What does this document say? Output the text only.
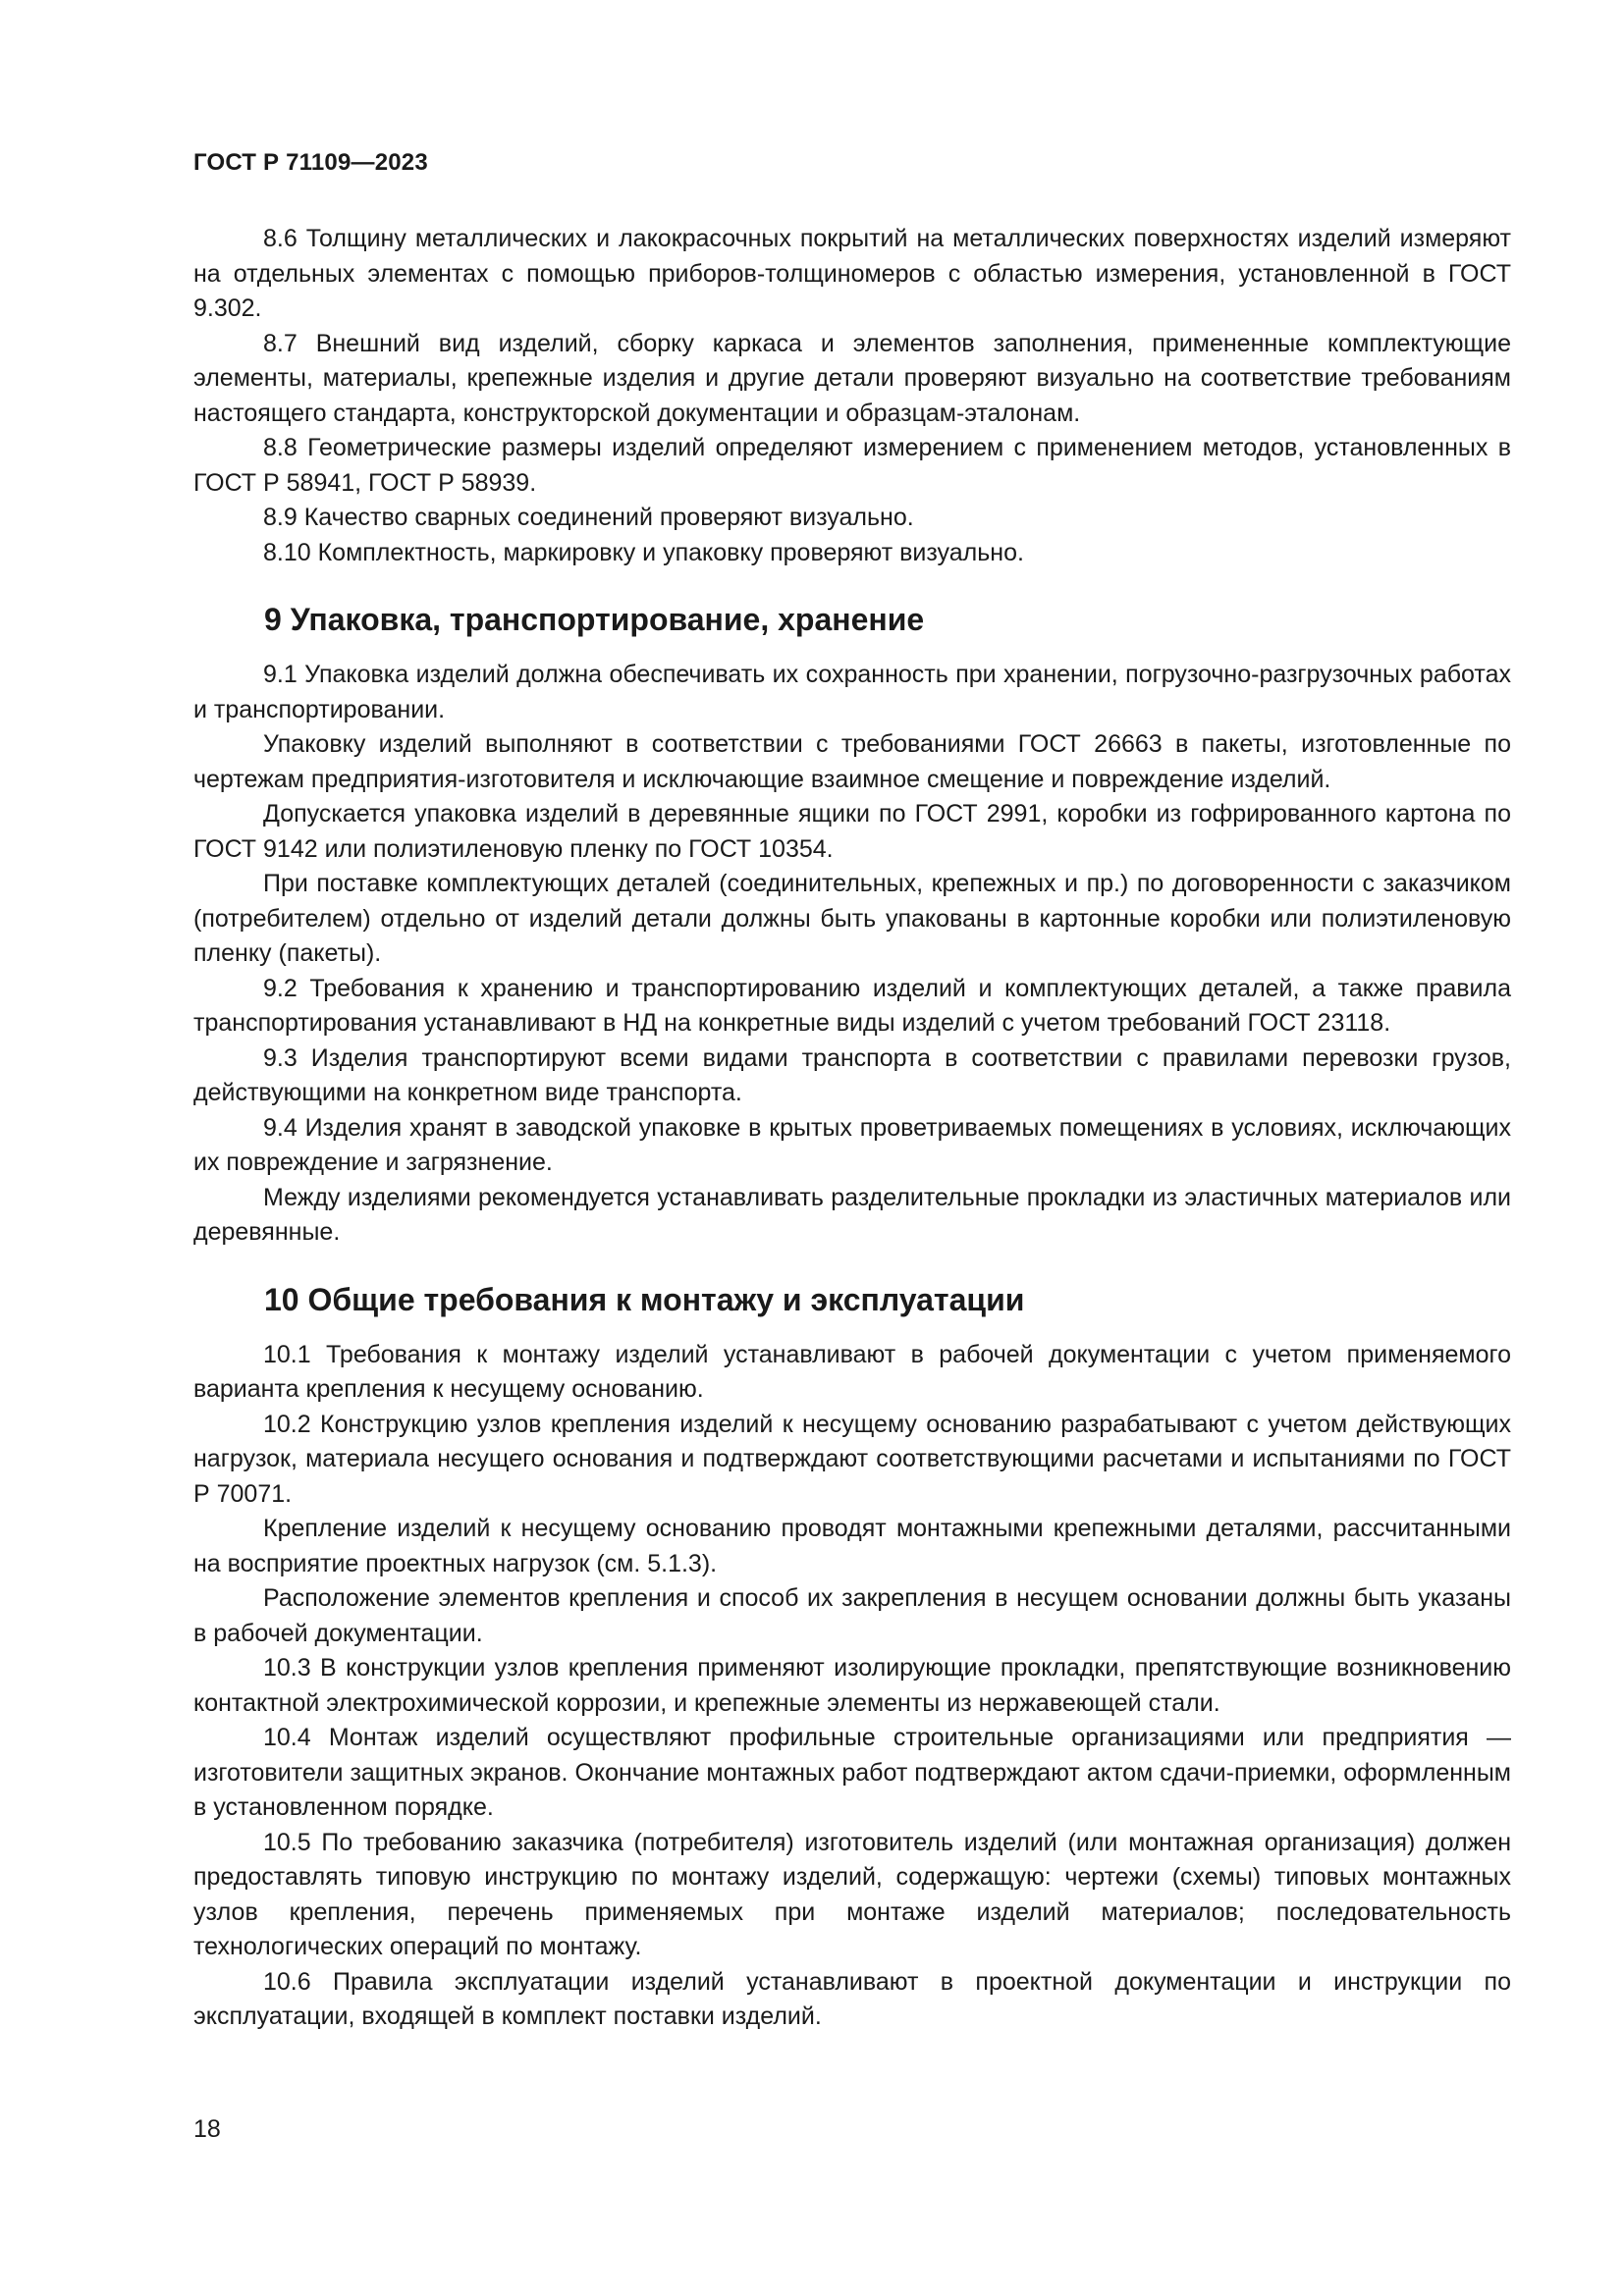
ГОСТ Р 71109—2023

8.6 Толщину металлических и лакокрасочных покрытий на металлических поверхностях изделий измеряют на отдельных элементах с помощью приборов-толщиномеров с областью измерения, установленной в ГОСТ 9.302.

8.7 Внешний вид изделий, сборку каркаса и элементов заполнения, примененные комплектующие элементы, материалы, крепежные изделия и другие детали проверяют визуально на соответствие требованиям настоящего стандарта, конструкторской документации и образцам-эталонам.

8.8 Геометрические размеры изделий определяют измерением с применением методов, установленных в ГОСТ Р 58941, ГОСТ Р 58939.

8.9 Качество сварных соединений проверяют визуально.

8.10 Комплектность, маркировку и упаковку проверяют визуально.

9 Упаковка, транспортирование, хранение

9.1 Упаковка изделий должна обеспечивать их сохранность при хранении, погрузочно-разгрузочных работах и транспортировании.

Упаковку изделий выполняют в соответствии с требованиями ГОСТ 26663 в пакеты, изготовленные по чертежам предприятия-изготовителя и исключающие взаимное смещение и повреждение изделий.

Допускается упаковка изделий в деревянные ящики по ГОСТ 2991, коробки из гофрированного картона по ГОСТ 9142 или полиэтиленовую пленку по ГОСТ 10354.

При поставке комплектующих деталей (соединительных, крепежных и пр.) по договоренности с заказчиком (потребителем) отдельно от изделий детали должны быть упакованы в картонные коробки или полиэтиленовую пленку (пакеты).

9.2 Требования к хранению и транспортированию изделий и комплектующих деталей, а также правила транспортирования устанавливают в НД на конкретные виды изделий с учетом требований ГОСТ 23118.

9.3 Изделия транспортируют всеми видами транспорта в соответствии с правилами перевозки грузов, действующими на конкретном виде транспорта.

9.4 Изделия хранят в заводской упаковке в крытых проветриваемых помещениях в условиях, исключающих их повреждение и загрязнение.

Между изделиями рекомендуется устанавливать разделительные прокладки из эластичных материалов или деревянные.

10 Общие требования к монтажу и эксплуатации

10.1 Требования к монтажу изделий устанавливают в рабочей документации с учетом применяемого варианта крепления к несущему основанию.

10.2 Конструкцию узлов крепления изделий к несущему основанию разрабатывают с учетом действующих нагрузок, материала несущего основания и подтверждают соответствующими расчетами и испытаниями по ГОСТ Р 70071.

Крепление изделий к несущему основанию проводят монтажными крепежными деталями, рассчитанными на восприятие проектных нагрузок (см. 5.1.3).

Расположение элементов крепления и способ их закрепления в несущем основании должны быть указаны в рабочей документации.

10.3 В конструкции узлов крепления применяют изолирующие прокладки, препятствующие возникновению контактной электрохимической коррозии, и крепежные элементы из нержавеющей стали.

10.4 Монтаж изделий осуществляют профильные строительные организациями или предприятия — изготовители защитных экранов. Окончание монтажных работ подтверждают актом сдачи-приемки, оформленным в установленном порядке.

10.5 По требованию заказчика (потребителя) изготовитель изделий (или монтажная организация) должен предоставлять типовую инструкцию по монтажу изделий, содержащую: чертежи (схемы) типовых монтажных узлов крепления, перечень применяемых при монтаже изделий материалов; последовательность технологических операций по монтажу.

10.6 Правила эксплуатации изделий устанавливают в проектной документации и инструкции по эксплуатации, входящей в комплект поставки изделий.

18
